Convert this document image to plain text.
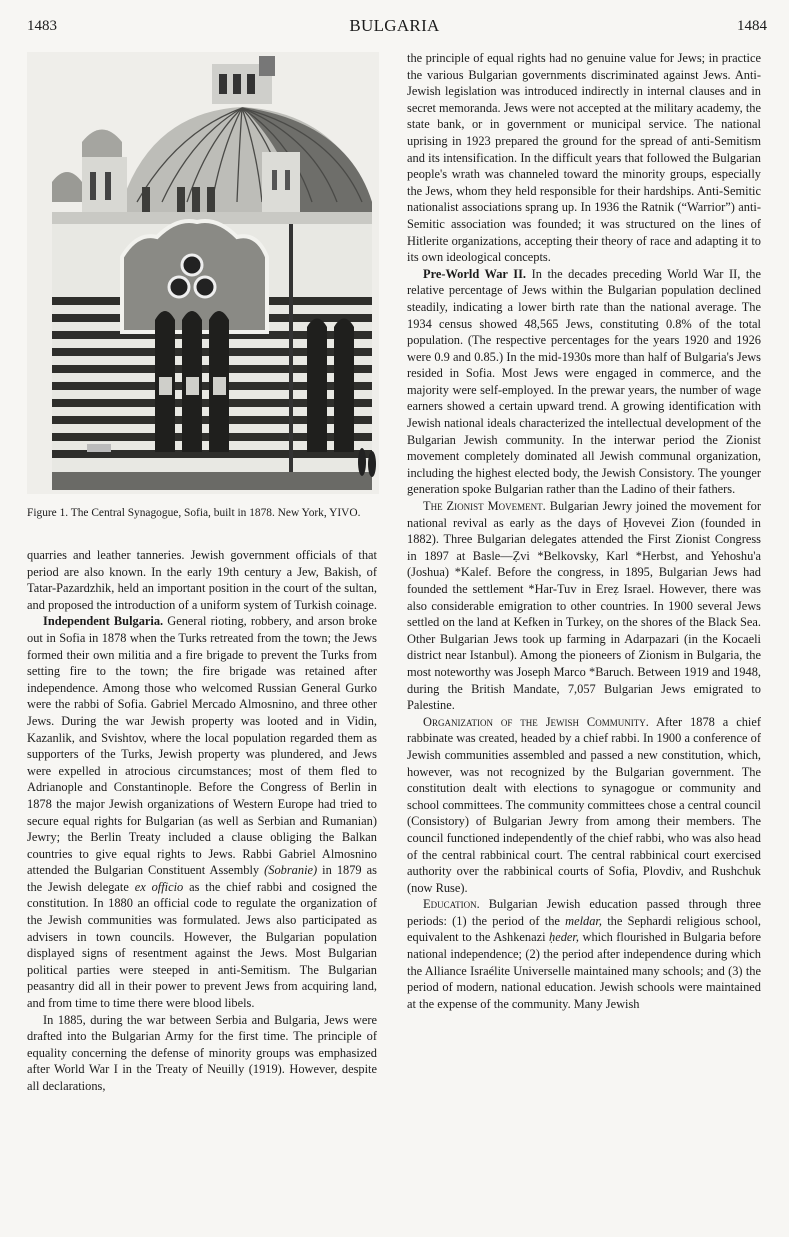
1483	BULGARIA	1484
Figure 1. The Central Synagogue, Sofia, built in 1878. New York, YIVO.

quarries and leather tanneries. Jewish government officials of that period are also known. In the early 19th century a Jew, Bakish, of Tatar-Pazardzhik, held an important position in the court of the sultan, and proposed the introduction of a uniform system of Turkish coinage.

Independent Bulgaria. General rioting, robbery, and arson broke out in Sofia in 1878 when the Turks retreated from the town; the Jews formed their own militia and a fire brigade to prevent the Turks from setting fire to the town; the fire brigade was retained after independence. Among those who welcomed Russian General Gurko were the rabbi of Sofia. Gabriel Mercado Almosnino, and three other Jews. During the war Jewish property was looted and in Vidin, Kazanlik, and Svishtov, where the local population regarded them as supporters of the Turks, Jewish property was plundered, and Jews were expelled in atrocious circumstances; most of them fled to Adrianople and Constantinople. Before the Congress of Berlin in 1878 the major Jewish organizations of Western Europe had tried to secure equal rights for Bulgarian (as well as Serbian and Rumanian) Jewry; the Berlin Treaty included a clause obliging the Balkan countries to give equal rights to Jews. Rabbi Gabriel Almosnino attended the Bulgarian Constituent Assembly (Sobranie) in 1879 as the Jewish delegate ex officio as the chief rabbi and cosigned the constitution. In 1880 an official code to regulate the organization of the Jewish communities was formulated. Jews also participated as advisers in town councils. However, the Bulgarian population displayed signs of resentment against the Jews. Most Bulgarian political parties were steeped in anti-Semitism. The Bulgarian peasantry did all in their power to prevent Jews from acquiring land, and from time to time there were blood libels.

In 1885, during the war between Serbia and Bulgaria, Jews were drafted into the Bulgarian Army for the first time. The principle of equality concerning the defense of minority groups was emphasized after World War I in the Treaty of Neuilly (1919). However, despite all declarations,

the principle of equal rights had no genuine value for Jews; in practice the various Bulgarian governments discriminated against Jews. Anti-Jewish legislation was introduced indirectly in internal clauses and in secret memoranda. Jews were not accepted at the military academy, the state bank, or in government or municipal service. The national uprising in 1923 prepared the ground for the spread of anti-Semitism and its intensification. In the difficult years that followed the Bulgarian people's wrath was channeled toward the minority groups, especially the Jews, whom they held responsible for their hardships. Anti-Semitic nationalist associations sprang up. In 1936 the Ratnik (“Warrior”) anti-Semitic association was founded; it was structured on the lines of Hitlerite organizations, accepting their theory of race and adapting it to its own ideological concepts.

Pre-World War II. In the decades preceding World War II, the relative percentage of Jews within the Bulgarian population declined steadily, indicating a lower birth rate than the national average. The 1934 census showed 48,565 Jews, constituting 0.8% of the total population. (The respective percentages for the years 1920 and 1926 were 0.9 and 0.85.) In the mid-1930s more than half of Bulgaria's Jews resided in Sofia. Most Jews were engaged in commerce, and the majority were self-employed. In the prewar years, the number of wage earners showed a certain upward trend. A growing identification with Jewish national ideals characterized the intellectual development of the Bulgarian Jewish community. In the interwar period the Zionist movement completely dominated all Jewish communal organization, including the highest elected body, the Jewish Consistory. The younger generation spoke Bulgarian rather than the Ladino of their fathers.

The Zionist Movement. Bulgarian Jewry joined the movement for national revival as early as the days of Ḥovevei Zion (founded in 1882). Three Bulgarian delegates attended the First Zionist Congress in 1897 at Basle—Ẓvi *Belkovsky, Karl *Herbst, and Yehoshu'a (Joshua) *Kalef. Before the congress, in 1895, Bulgarian Jews had founded the settlement *Har-Tuv in Ereẓ Israel. However, there was also considerable emigration to other countries. In 1900 several Jews settled on the land at Kefken in Turkey, on the shores of the Black Sea. Other Bulgarian Jews took up farming in Adarpazari (in the Kocaeli district near Istanbul). Among the pioneers of Zionism in Bulgaria, the most noteworthy was Joseph Marco *Baruch. Between 1919 and 1948, during the British Mandate, 7,057 Bulgarian Jews emigrated to Palestine.

Organization of the Jewish Community. After 1878 a chief rabbinate was created, headed by a chief rabbi. In 1900 a conference of Jewish communities assembled and passed a new constitution, which, however, was not recognized by the Bulgarian government. The constitution dealt with elections to synagogue or community and school committees. The community committees chose a central council (Consistory) of Bulgarian Jewry from among their members. The council functioned independently of the chief rabbi, who was also head of the central rabbinical court. The central rabbinical court exercised authority over the rabbinical courts of Sofia, Plovdiv, and Rushchuk (now Ruse).

Education. Bulgarian Jewish education passed through three periods: (1) the period of the meldar, the Sephardi religious school, equivalent to the Ashkenazi ḥeder, which flourished in Bulgaria before national independence; (2) the period after independence during which the Alliance Israélite Universelle maintained many schools; and (3) the period of modern, national education. Jewish schools were maintained at the expense of the community. Many Jewish
